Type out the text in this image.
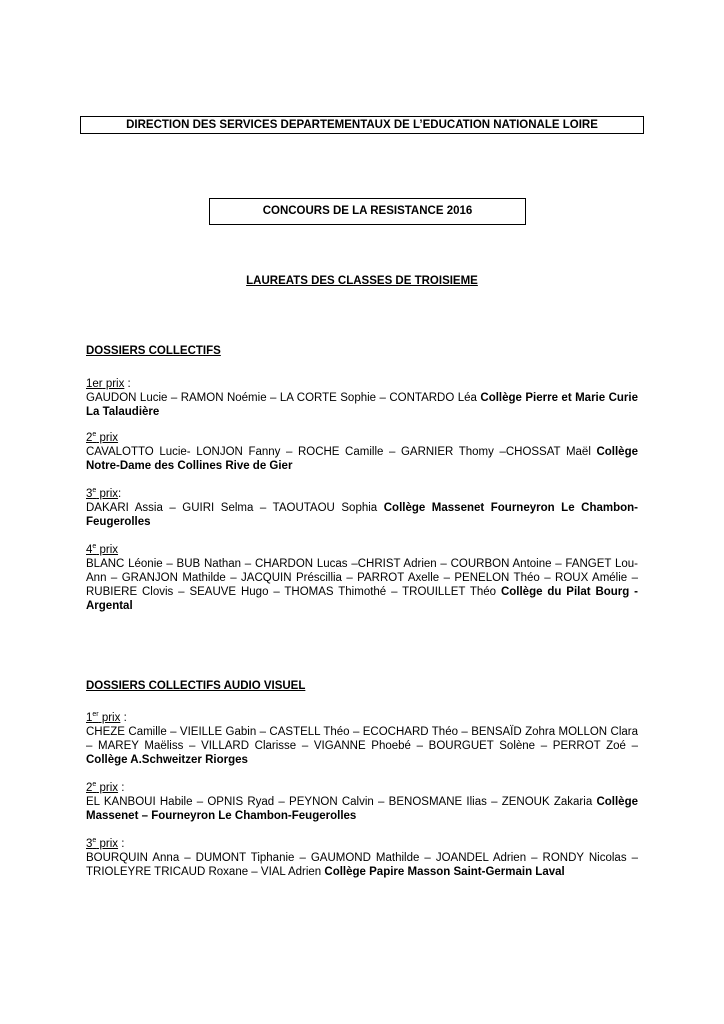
DIRECTION DES SERVICES DEPARTEMENTAUX DE L’EDUCATION NATIONALE LOIRE
CONCOURS DE LA RESISTANCE 2016
LAUREATS DES CLASSES DE TROISIEME
DOSSIERS COLLECTIFS
1er prix :
GAUDON Lucie – RAMON Noémie – LA CORTE Sophie – CONTARDO Léa Collège Pierre et Marie Curie La Talaudière
2e prix
CAVALOTTO Lucie- LONJON Fanny – ROCHE Camille – GARNIER Thomy –CHOSSAT Maël Collège Notre-Dame des Collines Rive de Gier
3e prix:
DAKARI Assia – GUIRI Selma – TAOUTAOU Sophia Collège Massenet Fourneyron Le Chambon-Feugerolles
4e prix
BLANC Léonie – BUB Nathan – CHARDON Lucas –CHRIST Adrien – COURBON Antoine – FANGET Lou-Ann – GRANJON Mathilde – JACQUIN Préscillia – PARROT Axelle – PENELON Théo – ROUX Amélie – RUBIERE Clovis – SEAUVE Hugo – THOMAS Thimothé – TROUILLET Théo Collège du Pilat Bourg - Argental
DOSSIERS COLLECTIFS AUDIO VISUEL
1er prix :
CHEZE Camille – VIEILLE Gabin – CASTELL Théo – ECOCHARD Théo – BENSAÏD Zohra MOLLON Clara – MAREY Maëliss – VILLARD Clarisse – VIGANNE Phoebé – BOURGUET Solène – PERROT Zoé – Collège A.Schweitzer Riorges
2e prix :
EL KANBOUI Habile – OPNIS Ryad – PEYNON Calvin – BENOSMANE Ilias – ZENOUK Zakaria Collège Massenet – Fourneyron Le Chambon-Feugerolles
3e prix :
BOURQUIN Anna – DUMONT Tiphanie – GAUMOND Mathilde – JOANDEL Adrien – RONDY Nicolas – TRIOLEYRE TRICAUD Roxane – VIAL Adrien Collège Papire Masson Saint-Germain Laval
